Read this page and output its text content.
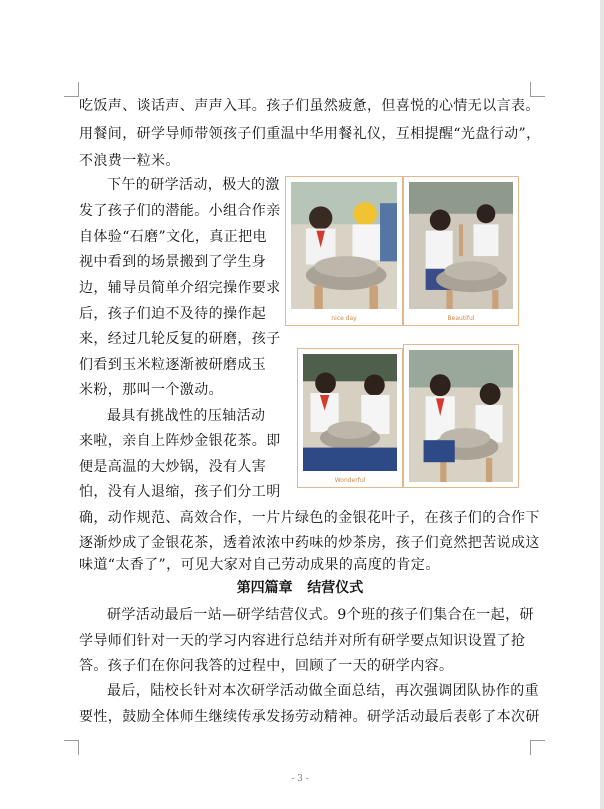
吃饭声、谈话声、声声入耳。孩子们虽然疲惫，但喜悦的心情无以言表。
用餐间，研学导师带领孩子们重温中华用餐礼仪，互相提醒“光盘行动”，
不浪费一粒米。
下午的研学活动，极大的激
发了孩子们的潜能。小组合作亲
自体验“石磨”文化，真正把电
视中看到的场景搬到了学生身
边，辅导员简单介绍完操作要求
后，孩子们迫不及待的操作起
来，经过几轮反复的研磨，孩子
们看到玉米粒逐渐被研磨成玉
米粉，那叫一个激动。
最具有挑战性的压轴活动
来啦，亲自上阵炒金银花茶。即
便是高温的大炒锅，没有人害
怕，没有人退缩，孩子们分工明
确，动作规范、高效合作，一片片绿色的金银花叶子，在孩子们的合作下
逐渐炒成了金银花茶，透着浓浓中药味的炒茶房，孩子们竟然把苦说成这
味道“太香了”，可见大家对自己劳动成果的高度的肯定。
第四篇章   结营仪式
研学活动最后一站—研学结营仪式。9个班的孩子们集合在一起，研
学导师们针对一天的学习内容进行总结并对所有研学要点知识设置了抢
答。孩子们在你问我答的过程中，回顾了一天的研学内容。
最后，陆校长针对本次研学活动做全面总结，再次强调团队协作的重
要性，鼓励全体师生继续传承发扬劳动精神。研学活动最后表彰了本次研
nice day	Beautiful
Wonderful
- 3 -
